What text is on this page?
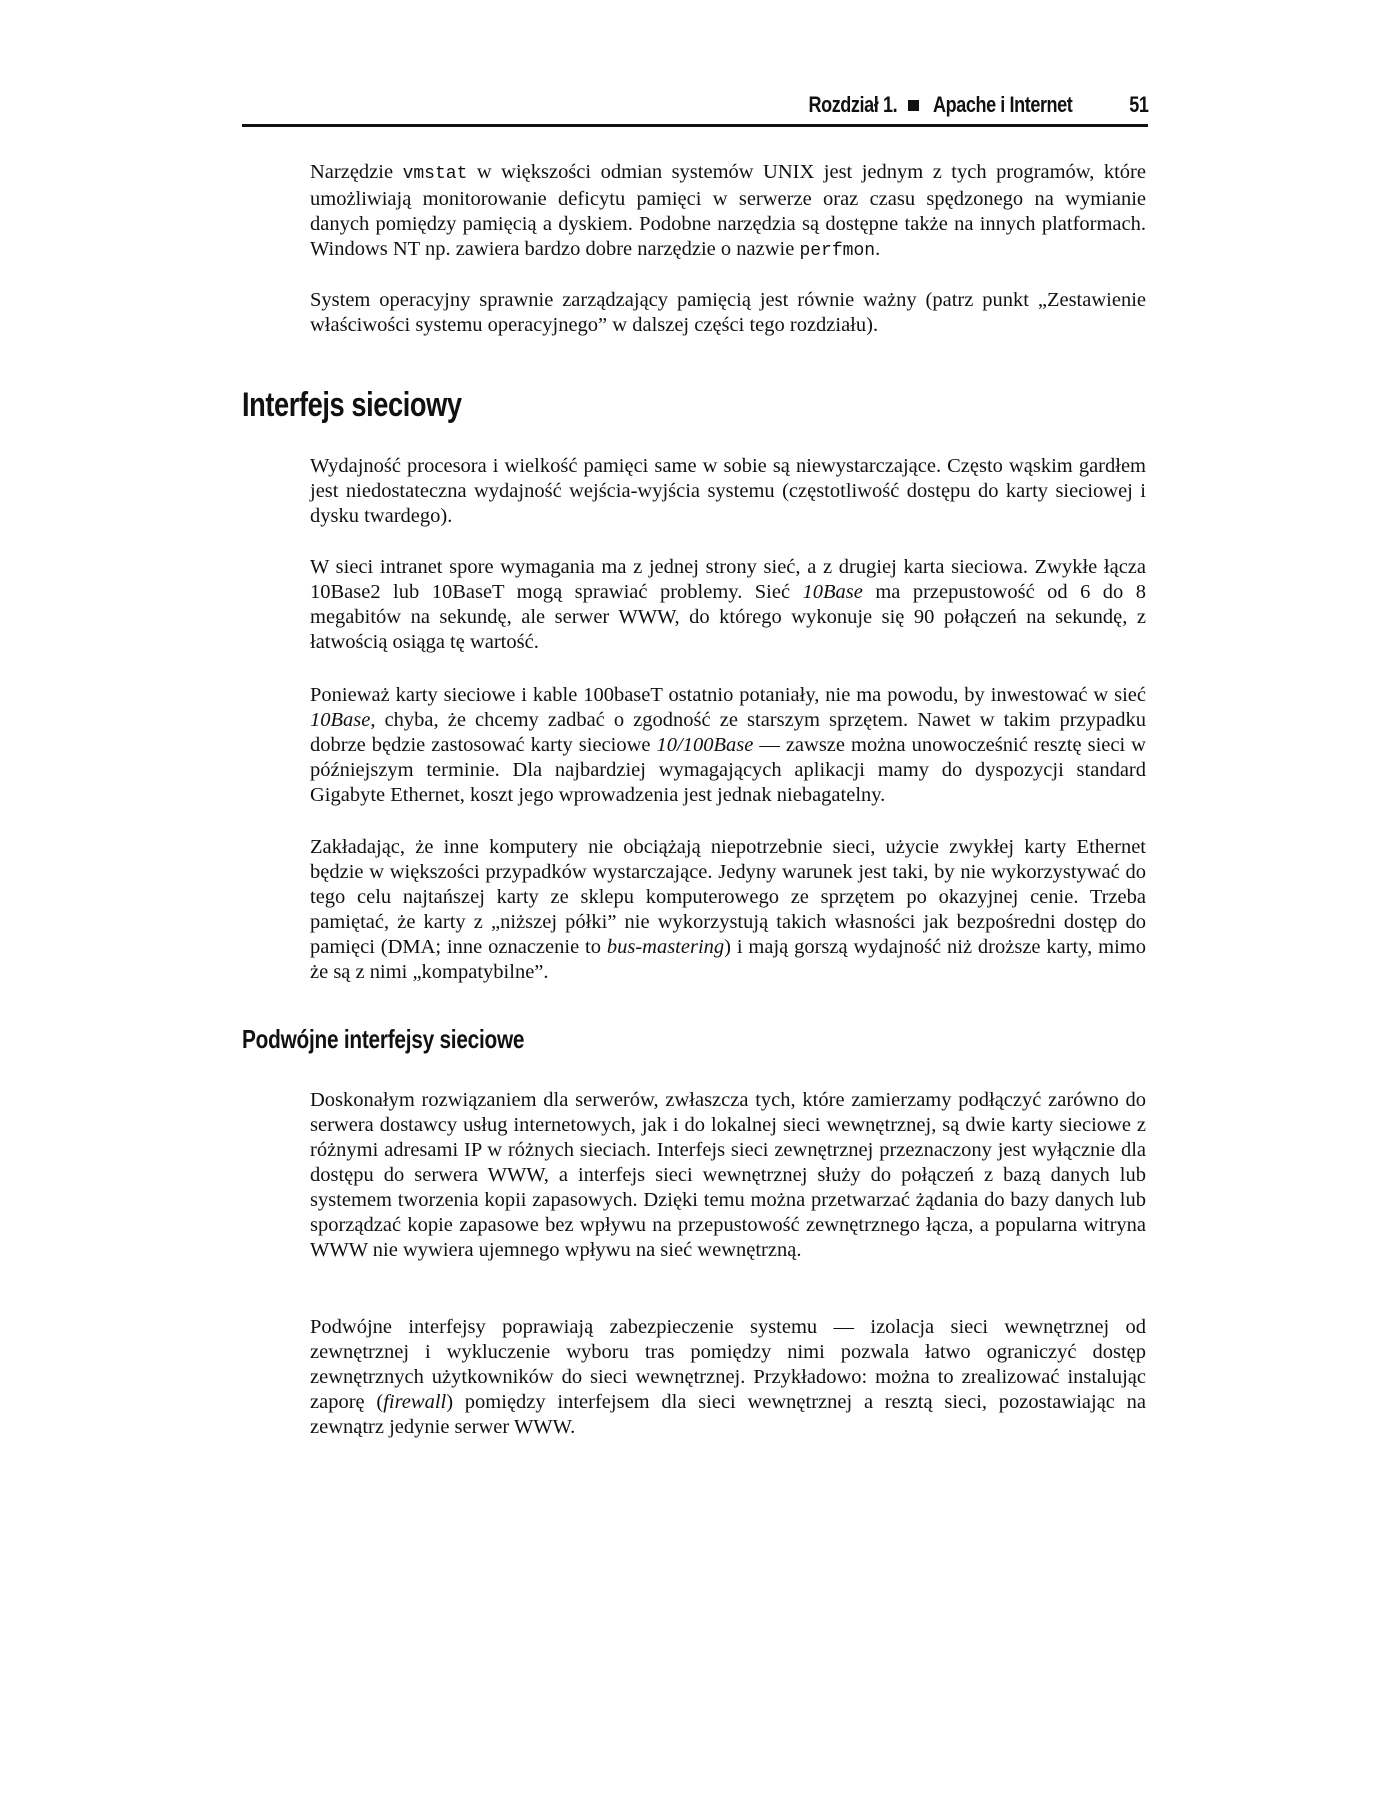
Rozdział 1. Apache i Internet	51

Narzędzie vmstat w większości odmian systemów UNIX jest jednym z tych programów, które umożliwiają monitorowanie deficytu pamięci w serwerze oraz czasu spędzonego na wymianie danych pomiędzy pamięcią a dyskiem. Podobne narzędzia są dostępne także na innych platformach. Windows NT np. zawiera bardzo dobre narzędzie o nazwie perfmon.

System operacyjny sprawnie zarządzający pamięcią jest równie ważny (patrz punkt „Zestawienie właściwości systemu operacyjnego” w dalszej części tego rozdziału).

Interfejs sieciowy

Wydajność procesora i wielkość pamięci same w sobie są niewystarczające. Często wąskim gardłem jest niedostateczna wydajność wejścia-wyjścia systemu (częstotliwość dostępu do karty sieciowej i dysku twardego).

W sieci intranet spore wymagania ma z jednej strony sieć, a z drugiej karta sieciowa. Zwykłe łącza 10Base2 lub 10BaseT mogą sprawiać problemy. Sieć 10Base ma przepustowość od 6 do 8 megabitów na sekundę, ale serwer WWW, do którego wykonuje się 90 połączeń na sekundę, z łatwością osiąga tę wartość.

Ponieważ karty sieciowe i kable 100baseT ostatnio potaniały, nie ma powodu, by inwestować w sieć 10Base, chyba, że chcemy zadbać o zgodność ze starszym sprzętem. Nawet w takim przypadku dobrze będzie zastosować karty sieciowe 10/100Base — zawsze można unowocześnić resztę sieci w późniejszym terminie. Dla najbardziej wymagających aplikacji mamy do dyspozycji standard Gigabyte Ethernet, koszt jego wprowadzenia jest jednak niebagatelny.

Zakładając, że inne komputery nie obciążają niepotrzebnie sieci, użycie zwykłej karty Ethernet będzie w większości przypadków wystarczające. Jedyny warunek jest taki, by nie wykorzystywać do tego celu najtańszej karty ze sklepu komputerowego ze sprzętem po okazyjnej cenie. Trzeba pamiętać, że karty z „niższej półki” nie wykorzystują takich własności jak bezpośredni dostęp do pamięci (DMA; inne oznaczenie to bus-mastering) i mają gorszą wydajność niż droższe karty, mimo że są z nimi „kompatybilne”.

Podwójne interfejsy sieciowe

Doskonałym rozwiązaniem dla serwerów, zwłaszcza tych, które zamierzamy podłączyć zarówno do serwera dostawcy usług internetowych, jak i do lokalnej sieci wewnętrznej, są dwie karty sieciowe z różnymi adresami IP w różnych sieciach. Interfejs sieci zewnętrznej przeznaczony jest wyłącznie dla dostępu do serwera WWW, a interfejs sieci wewnętrznej służy do połączeń z bazą danych lub systemem tworzenia kopii zapasowych. Dzięki temu można przetwarzać żądania do bazy danych lub sporządzać kopie zapasowe bez wpływu na przepustowość zewnętrznego łącza, a popularna witryna WWW nie wywiera ujemnego wpływu na sieć wewnętrzną.

Podwójne interfejsy poprawiają zabezpieczenie systemu — izolacja sieci wewnętrznej od zewnętrznej i wykluczenie wyboru tras pomiędzy nimi pozwala łatwo ograniczyć dostęp zewnętrznych użytkowników do sieci wewnętrznej. Przykładowo: można to zrealizować instalując zaporę (firewall) pomiędzy interfejsem dla sieci wewnętrznej a resztą sieci, pozostawiając na zewnątrz jedynie serwer WWW.
